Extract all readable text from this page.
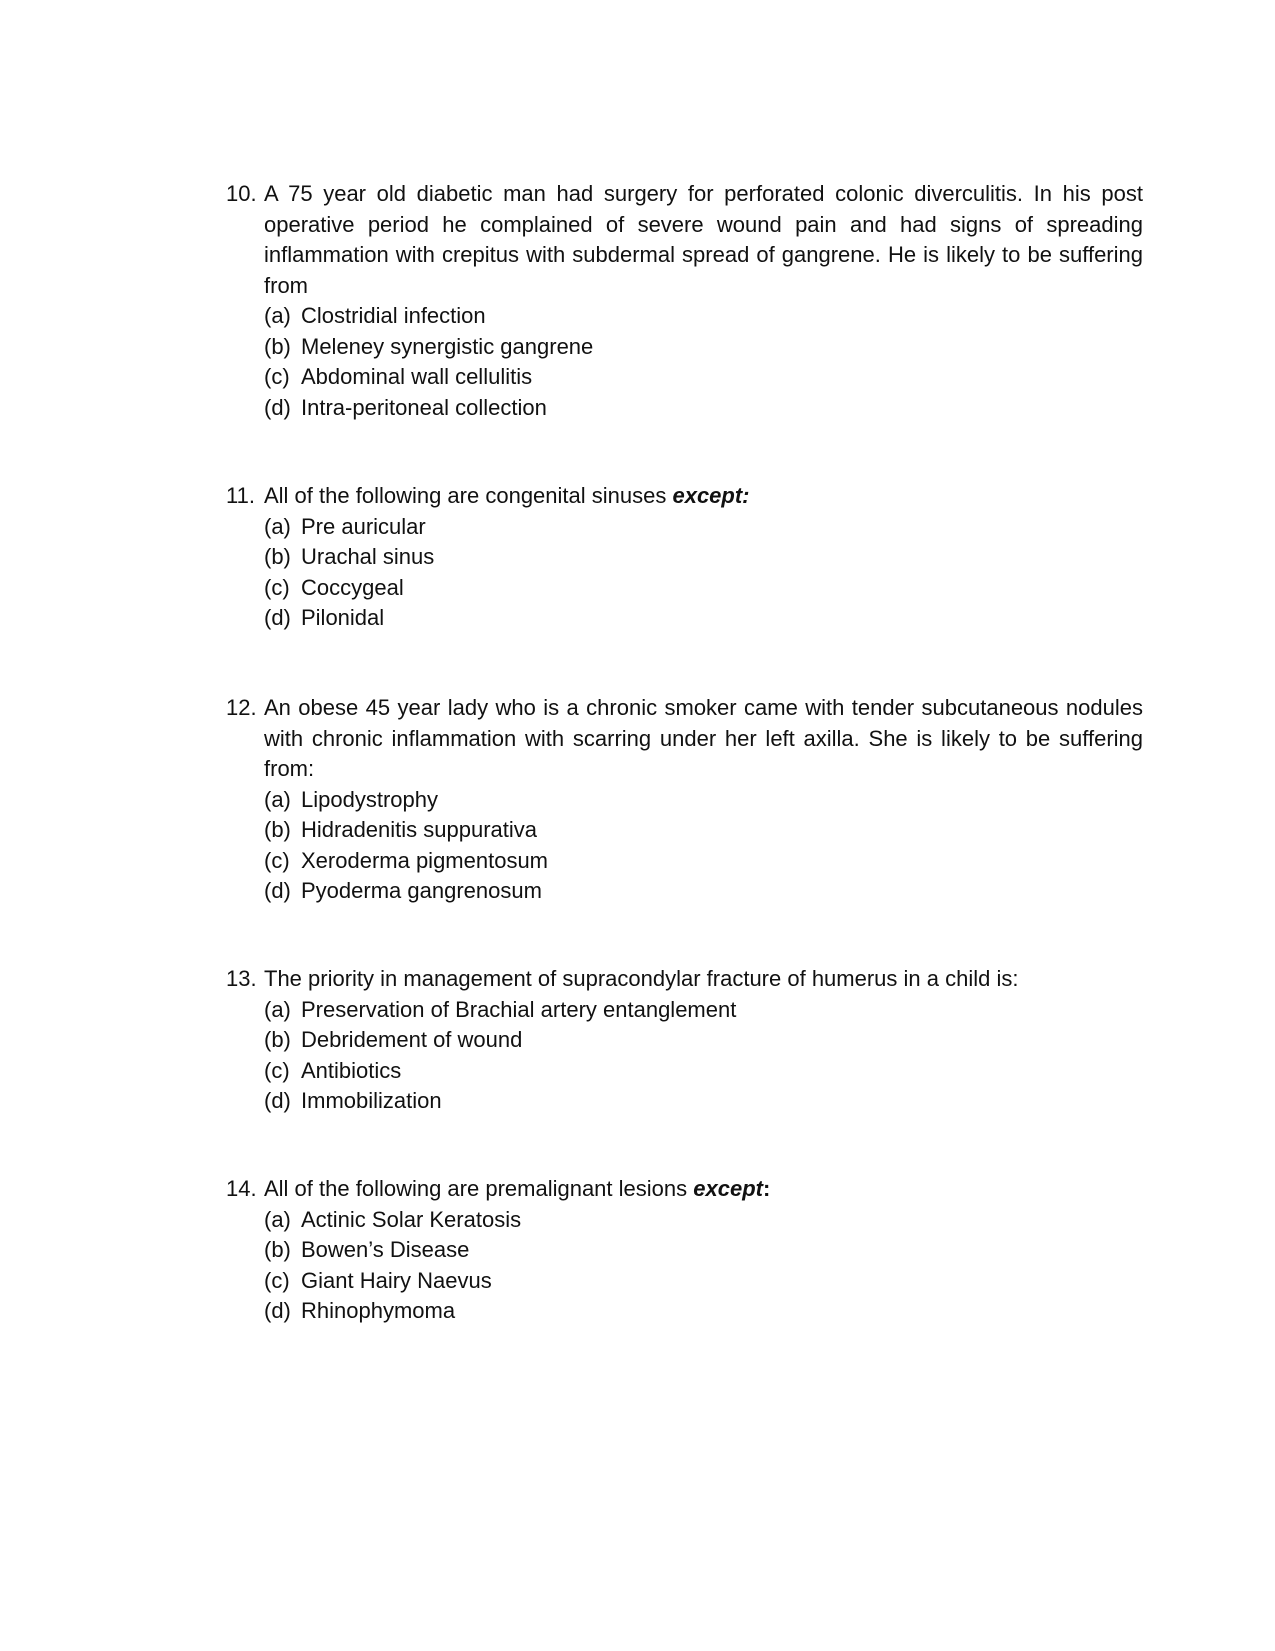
10. A 75 year old diabetic man had surgery for perforated colonic diverculitis. In his post operative period he complained of severe wound pain and had signs of spreading inflammation with crepitus with subdermal spread of gangrene. He is likely to be suffering from
(a) Clostridial infection
(b) Meleney synergistic gangrene
(c) Abdominal wall cellulitis
(d) Intra-peritoneal collection
11. All of the following are congenital sinuses except:
(a) Pre auricular
(b) Urachal sinus
(c) Coccygeal
(d) Pilonidal
12. An obese 45 year lady who is a chronic smoker came with tender subcutaneous nodules with chronic inflammation with scarring under her left axilla. She is likely to be suffering from:
(a) Lipodystrophy
(b) Hidradenitis suppurativa
(c) Xeroderma pigmentosum
(d) Pyoderma gangrenosum
13. The priority in management of supracondylar fracture of humerus in a child is:
(a) Preservation of Brachial artery entanglement
(b) Debridement of wound
(c) Antibiotics
(d) Immobilization
14. All of the following are premalignant lesions except:
(a) Actinic Solar Keratosis
(b) Bowen’s Disease
(c) Giant Hairy Naevus
(d) Rhinophymoma
